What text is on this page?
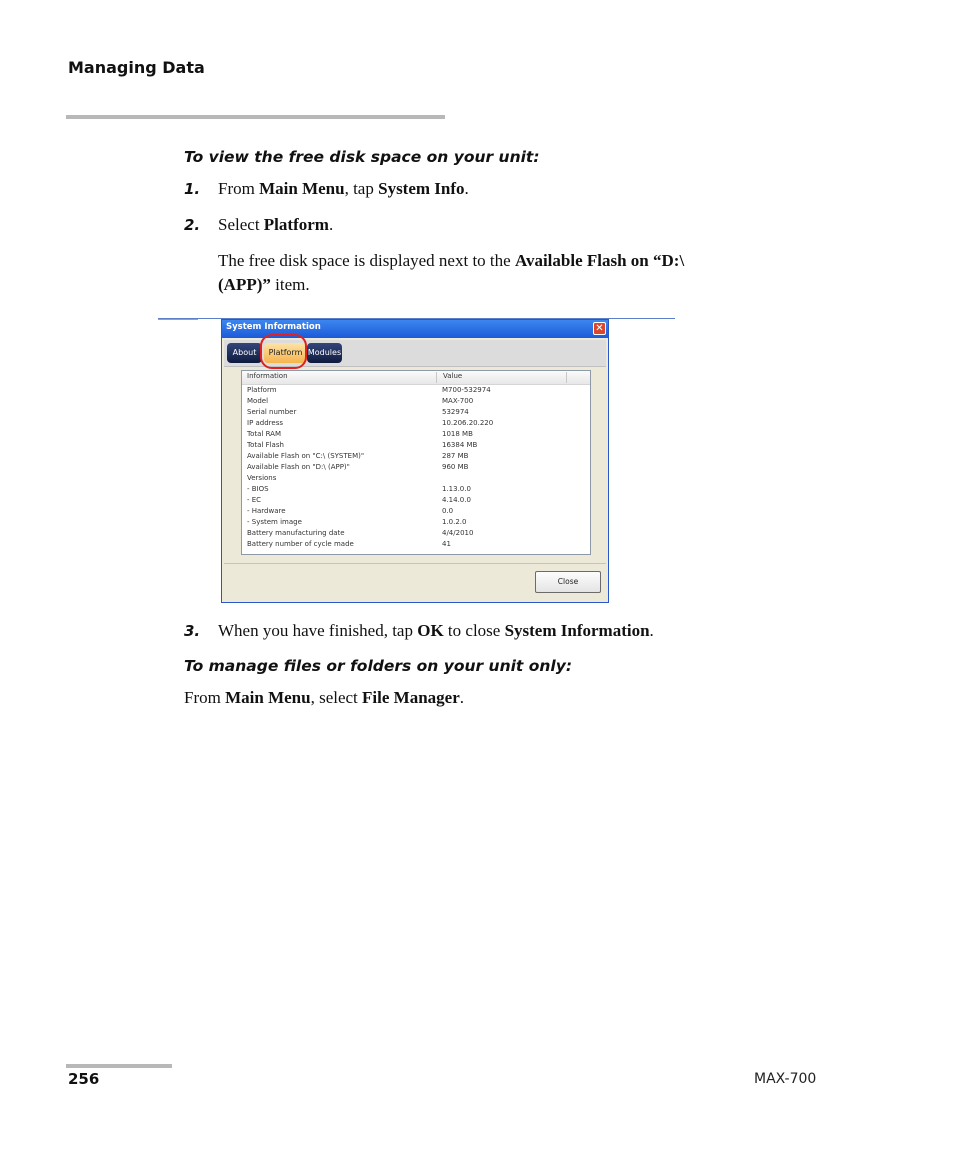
Managing Data
To view the free disk space on your unit:
1. From Main Menu, tap System Info.
2. Select Platform.
The free disk space is displayed next to the Available Flash on “D:\
(APP)” item.
System Information	✕
About	Platform Modules
Information	Value
Platform	M700-532974
Model	MAX-700
Serial number	532974
IP address	10.206.20.220
Total RAM	1018 MB
Total Flash	16384 MB
Available Flash on "C:\ (SYSTEM)"	287 MB
Available Flash on "D:\ (APP)"	960 MB
Versions
- BIOS	1.13.0.0
- EC	4.14.0.0
- Hardware	0.0
- System image	1.0.2.0
Battery manufacturing date	4/4/2010
Battery number of cycle made	41
Close
3. When you have finished, tap OK to close System Information.
To manage files or folders on your unit only:
From Main Menu, select File Manager.
256	MAX-700
